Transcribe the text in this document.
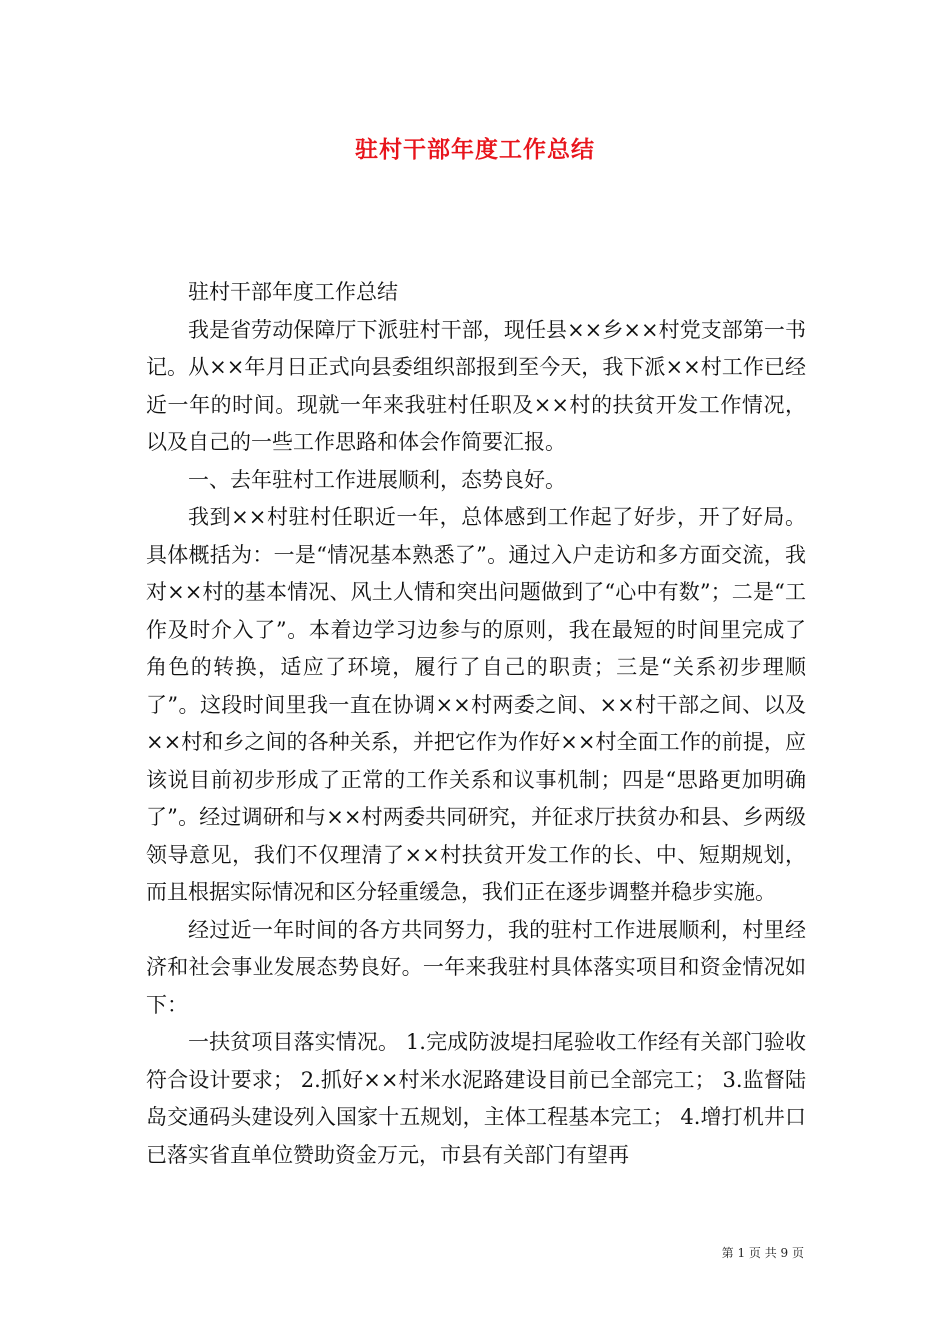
驻村干部年度工作总结

驻村干部年度工作总结

我是省劳动保障厅下派驻村干部，现任县××乡××村党支部第一书记。从××年月日正式向县委组织部报到至今天，我下派××村工作已经近一年的时间。现就一年来我驻村任职及××村的扶贫开发工作情况，以及自己的一些工作思路和体会作简要汇报。

一、去年驻村工作进展顺利，态势良好。

我到××村驻村任职近一年，总体感到工作起了好步，开了好局。具体概括为：一是“情况基本熟悉了”。通过入户走访和多方面交流，我对××村的基本情况、风土人情和突出问题做到了“心中有数”；二是“工作及时介入了”。本着边学习边参与的原则，我在最短的时间里完成了角色的转换，适应了环境，履行了自己的职责；三是“关系初步理顺了”。这段时间里我一直在协调××村两委之间、××村干部之间、以及××村和乡之间的各种关系，并把它作为作好××村全面工作的前提，应该说目前初步形成了正常的工作关系和议事机制；四是“思路更加明确了”。经过调研和与××村两委共同研究，并征求厅扶贫办和县、乡两级领导意见，我们不仅理清了××村扶贫开发工作的长、中、短期规划，而且根据实际情况和区分轻重缓急，我们正在逐步调整并稳步实施。

经过近一年时间的各方共同努力，我的驻村工作进展顺利，村里经济和社会事业发展态势良好。一年来我驻村具体落实项目和资金情况如下：

一扶贫项目落实情况。 1.完成防波堤扫尾验收工作经有关部门验收符合设计要求； 2.抓好××村米水泥路建设目前已全部完工； 3.监督陆岛交通码头建设列入国家十五规划，主体工程基本完工； 4.增打机井口已落实省直单位赞助资金万元，市县有关部门有望再

第 1 页 共 9 页
